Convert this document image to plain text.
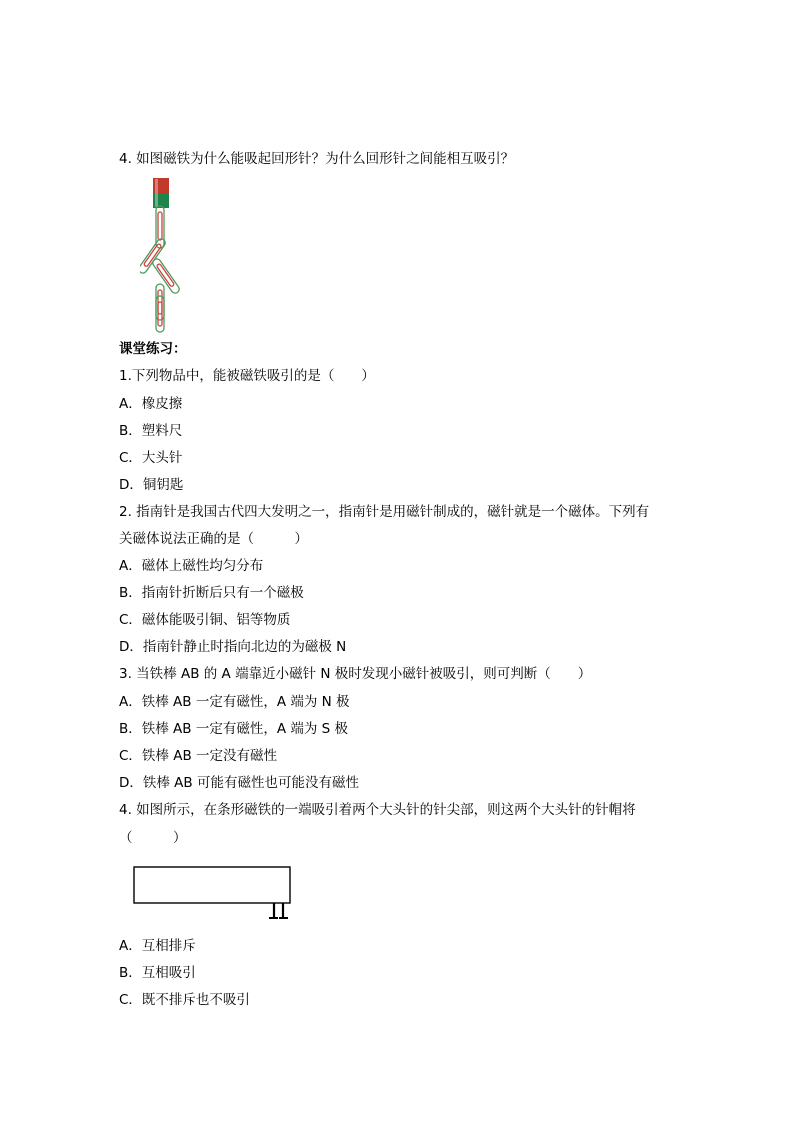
4. 如图磁铁为什么能吸起回形针？为什么回形针之间能相互吸引？
课堂练习：
1.下列物品中，能被磁铁吸引的是（　　）
A．橡皮擦
B．塑料尺
C．大头针
D．铜钥匙
2. 指南针是我国古代四大发明之一，指南针是用磁针制成的，磁针就是一个磁体。下列有
关磁体说法正确的是（　　　）
A．磁体上磁性均匀分布
B．指南针折断后只有一个磁极
C．磁体能吸引铜、铝等物质
D．指南针静止时指向北边的为磁极 N
3. 当铁棒 AB 的 A 端靠近小磁针 N 极时发现小磁针被吸引，则可判断（　　）
A．铁棒 AB 一定有磁性，A 端为 N 极
B．铁棒 AB 一定有磁性，A 端为 S 极
C．铁棒 AB 一定没有磁性
D．铁棒 AB 可能有磁性也可能没有磁性
4. 如图所示，在条形磁铁的一端吸引着两个大头针的针尖部，则这两个大头针的针帽将
（　　　）
A．互相排斥
B．互相吸引
C．既不排斥也不吸引
